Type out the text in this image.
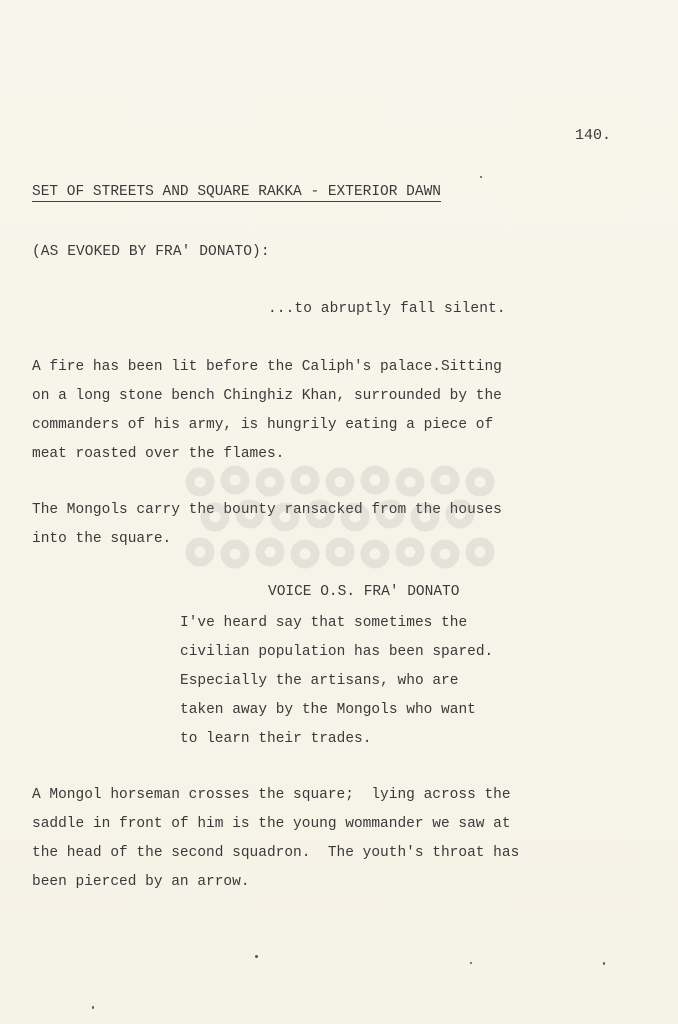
140.
SET OF STREETS AND SQUARE RAKKA - EXTERIOR DAWN
(AS EVOKED BY FRA' DONATO):
...to abruptly fall silent.
A fire has been lit before the Caliph's palace.Sitting
on a long stone bench Chinghiz Khan, surrounded by the
commanders of his army, is hungrily eating a piece of
meat roasted over the flames.
The Mongols carry the bounty ransacked from the houses
into the square.
VOICE O.S. FRA' DONATO
I've heard say that sometimes the
civilian population has been spared.
Especially the artisans, who are
taken away by the Mongols who want
to learn their trades.
A Mongol horseman crosses the square;  lying across the
saddle in front of him is the young wommander we saw at
the head of the second squadron.  The youth's throat has
been pierced by an arrow.
